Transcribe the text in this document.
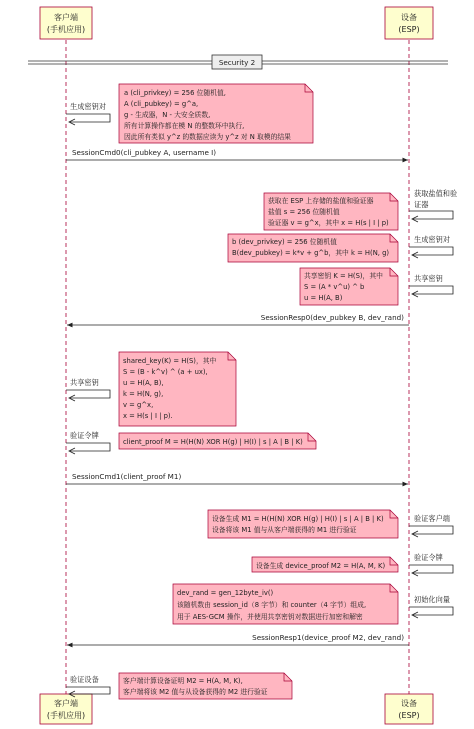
客户端
(手机应用)
设备
(ESP)
客户端
(手机应用)
设备
(ESP)
Security 2
生成密钥对
a (cli_privkey) = 256 位随机值,
A (cli_pubkey) = g^a,
g - 生成器，N - 大安全质数,
所有计算操作都在模 N 的整数环中执行,
因此所有类似 y^z 的数据应读为 y^z 对 N 取模的结果
SessionCmd0(cli_pubkey A, username I)
获取盐值和验
证器
获取在 ESP 上存储的盐值和验证器
盐值 s = 256 位随机值
验证器 v = g^x，其中 x = H(s | I | p)
生成密钥对
b (dev_privkey) = 256 位随机值
B(dev_pubkey) = k*v + g^b，其中 k = H(N, g)
共享密钥
共享密钥 K = H(S)，其中
S = (A * v^u) ^ b
u = H(A, B)
SessionResp0(dev_pubkey B, dev_rand)
共享密钥
shared_key(K) = H(S)，其中
S = (B - k^v) ^ (a + ux),
u = H(A, B),
k = H(N, g),
v = g^x,
x = H(s | I | p).
验证令牌
client_proof M = H(H(N) XOR H(g) | H(I) | s | A | B | K)
SessionCmd1(client_proof M1)
验证客户端
设备生成 M1 = H(H(N) XOR H(g) | H(I) | s | A | B | K)
设备将该 M1 值与从客户端获得的 M1 进行验证
验证令牌
设备生成 device_proof M2 = H(A, M, K)
初始化向量
dev_rand = gen_12byte_iv()
该随机数由 session_id（8 字节）和 counter（4 字节）组成,
用于 AES-GCM 操作，并使用共享密钥对数据进行加密和解密
SessionResp1(device_proof M2, dev_rand)
验证设备	客户端计算设备证明 M2 = H(A, M, K),
客户端将该 M2 值与从设备获得的 M2 进行验证
